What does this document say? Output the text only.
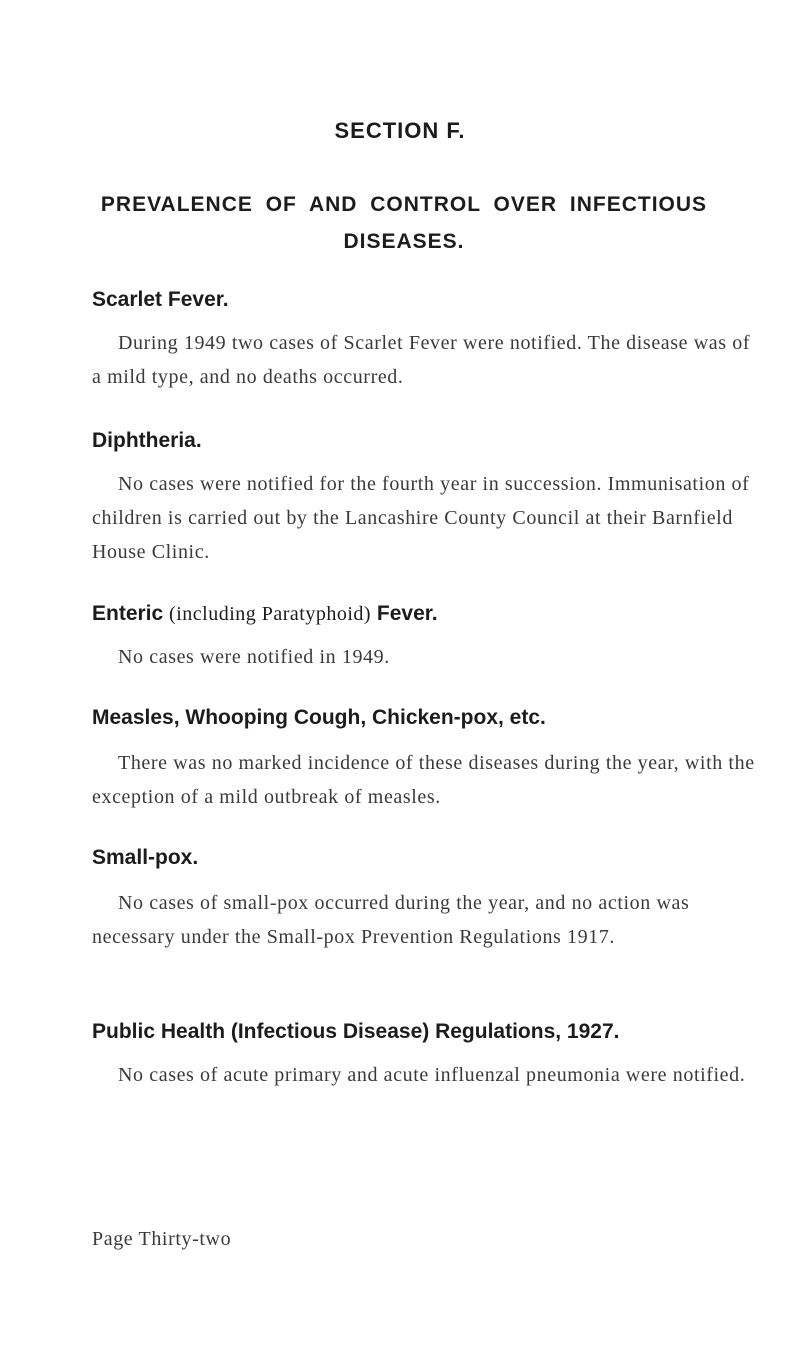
SECTION F.
PREVALENCE OF AND CONTROL OVER INFECTIOUS DISEASES.
Scarlet Fever.
During 1949 two cases of Scarlet Fever were notified. The disease was of a mild type, and no deaths occurred.
Diphtheria.
No cases were notified for the fourth year in succession. Immunisation of children is carried out by the Lancashire County Council at their Barnfield House Clinic.
Enteric (including Paratyphoid) Fever.
No cases were notified in 1949.
Measles, Whooping Cough, Chicken-pox, etc.
There was no marked incidence of these diseases during the year, with the exception of a mild outbreak of measles.
Small-pox.
No cases of small-pox occurred during the year, and no action was necessary under the Small-pox Prevention Regulations 1917.
Public Health (Infectious Disease) Regulations, 1927.
No cases of acute primary and acute influenzal pneumonia were notified.
Page Thirty-two
